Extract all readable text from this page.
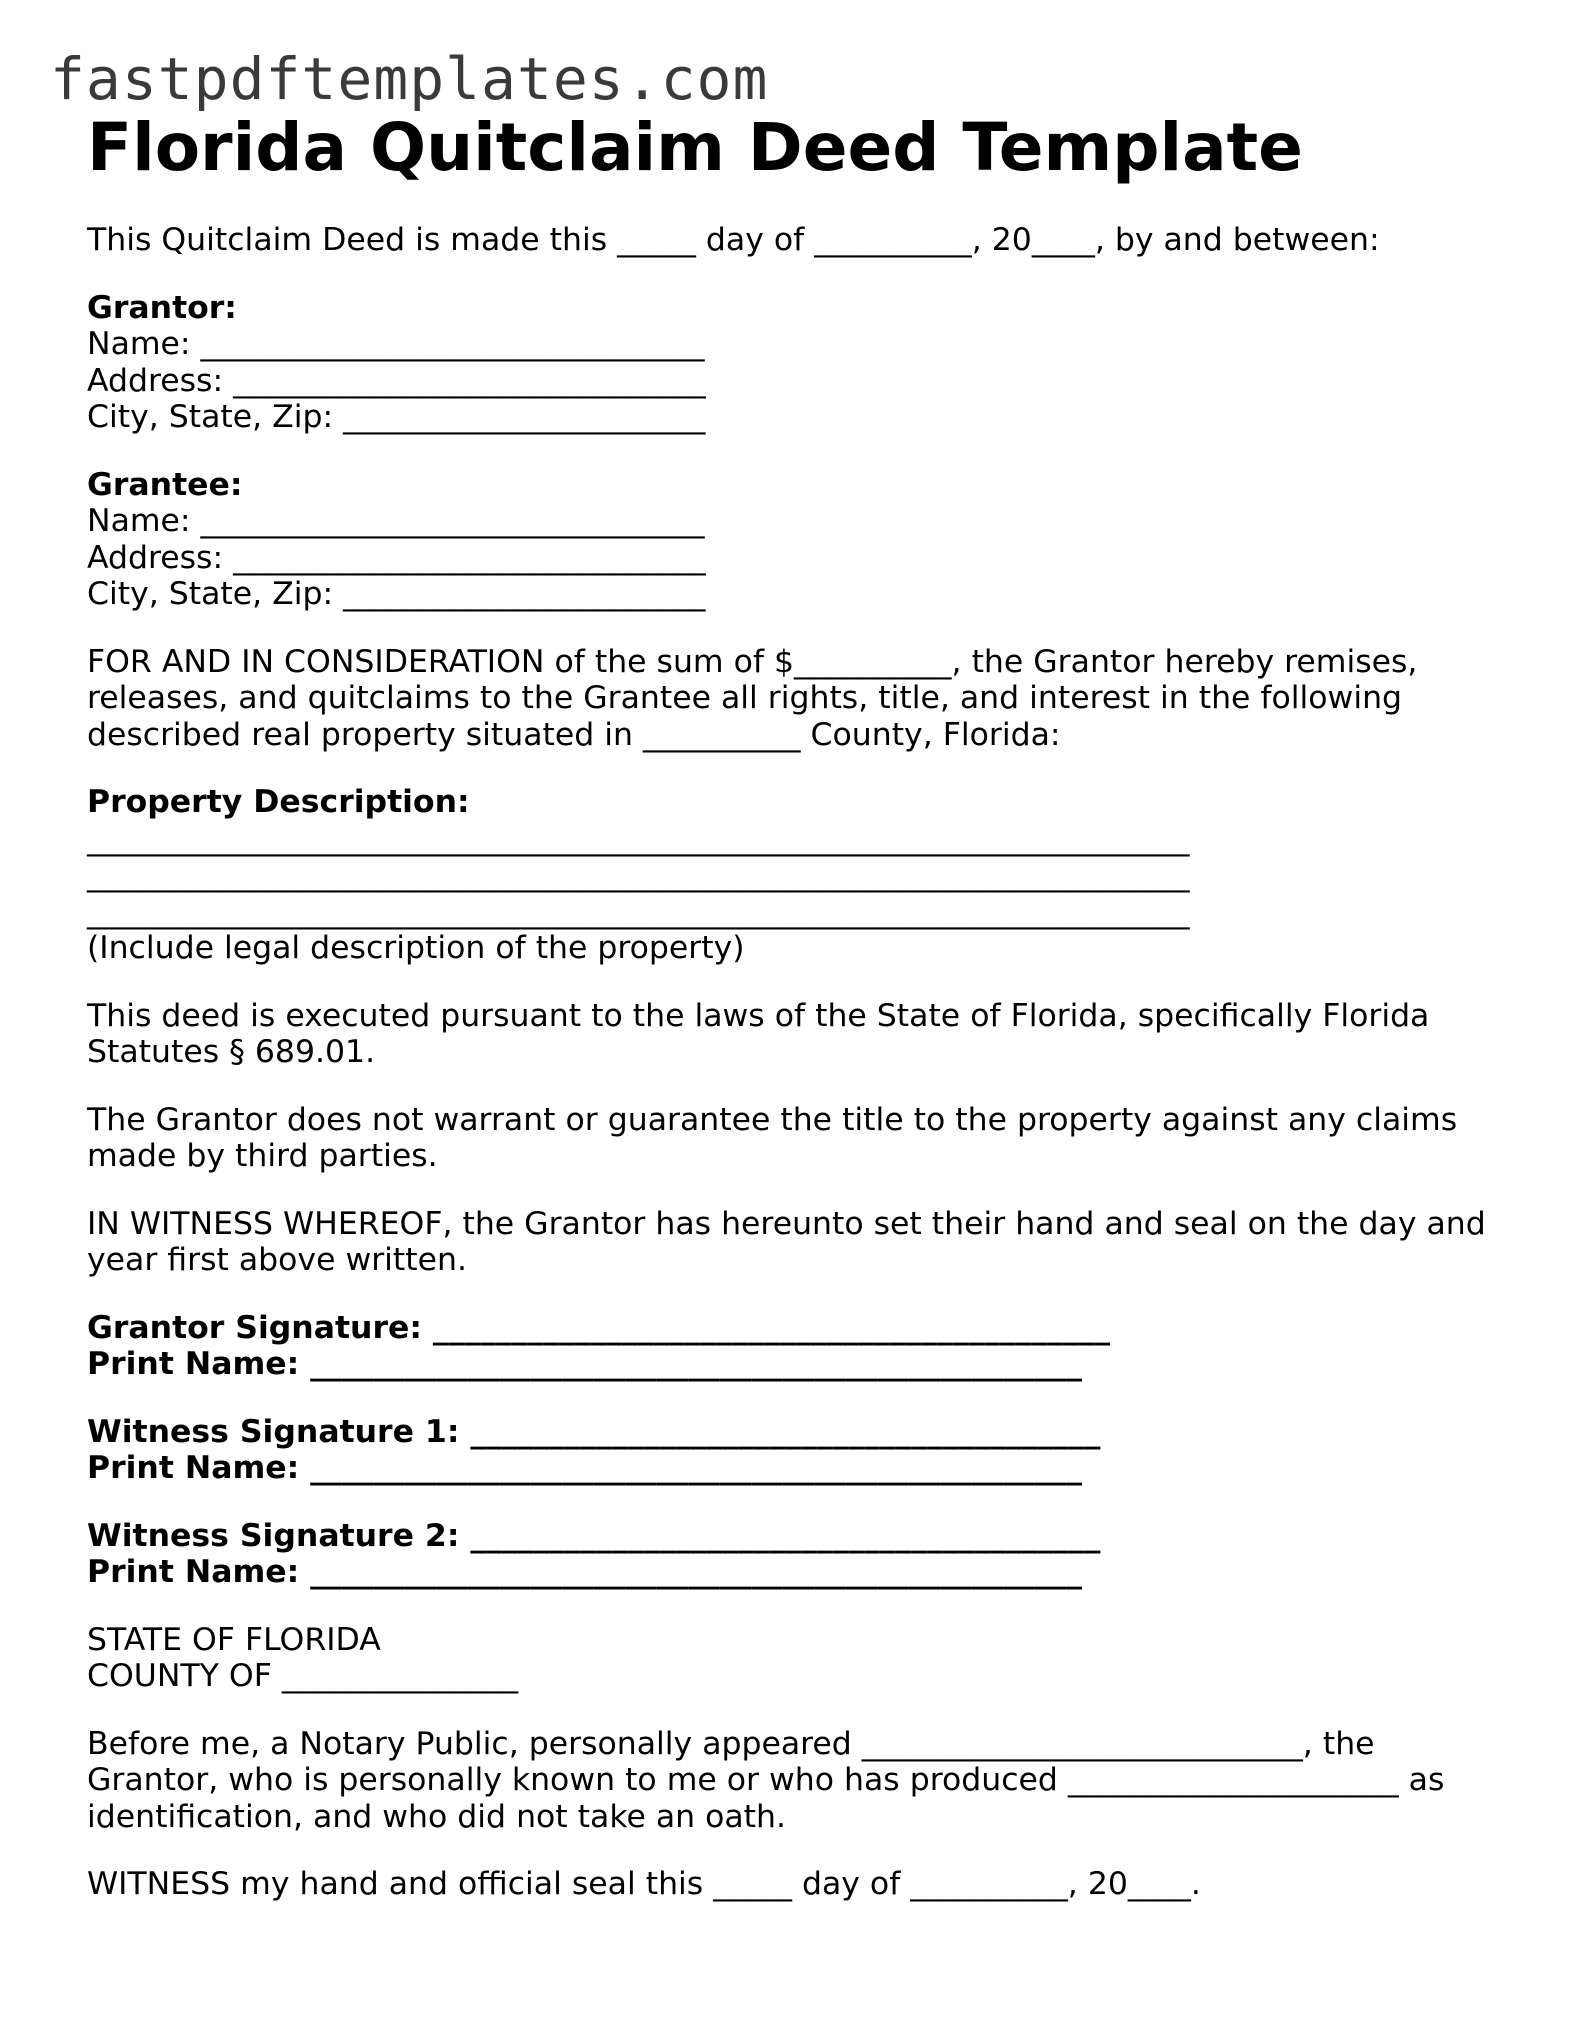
fastpdftemplates.com
Florida Quitclaim Deed Template

This Quitclaim Deed is made this _____ day of __________, 20____, by and between:

Grantor:
Name: ________________________________
Address: ______________________________
City, State, Zip: _______________________

Grantee:
Name: ________________________________
Address: ______________________________
City, State, Zip: _______________________

FOR AND IN CONSIDERATION of the sum of $__________, the Grantor hereby remises,
releases, and quitclaims to the Grantee all rights, title, and interest in the following
described real property situated in __________ County, Florida:

Property Description:
______________________________________________________________________
______________________________________________________________________
______________________________________________________________________
(Include legal description of the property)

This deed is executed pursuant to the laws of the State of Florida, specifically Florida
Statutes § 689.01.

The Grantor does not warrant or guarantee the title to the property against any claims
made by third parties.

IN WITNESS WHEREOF, the Grantor has hereunto set their hand and seal on the day and
year first above written.

Grantor Signature: ___________________________________________
Print Name: _________________________________________________

Witness Signature 1: ________________________________________
Print Name: _________________________________________________

Witness Signature 2: ________________________________________
Print Name: _________________________________________________

STATE OF FLORIDA
COUNTY OF _______________

Before me, a Notary Public, personally appeared ____________________________, the
Grantor, who is personally known to me or who has produced _____________________ as
identification, and who did not take an oath.

WITNESS my hand and official seal this _____ day of __________, 20____.
